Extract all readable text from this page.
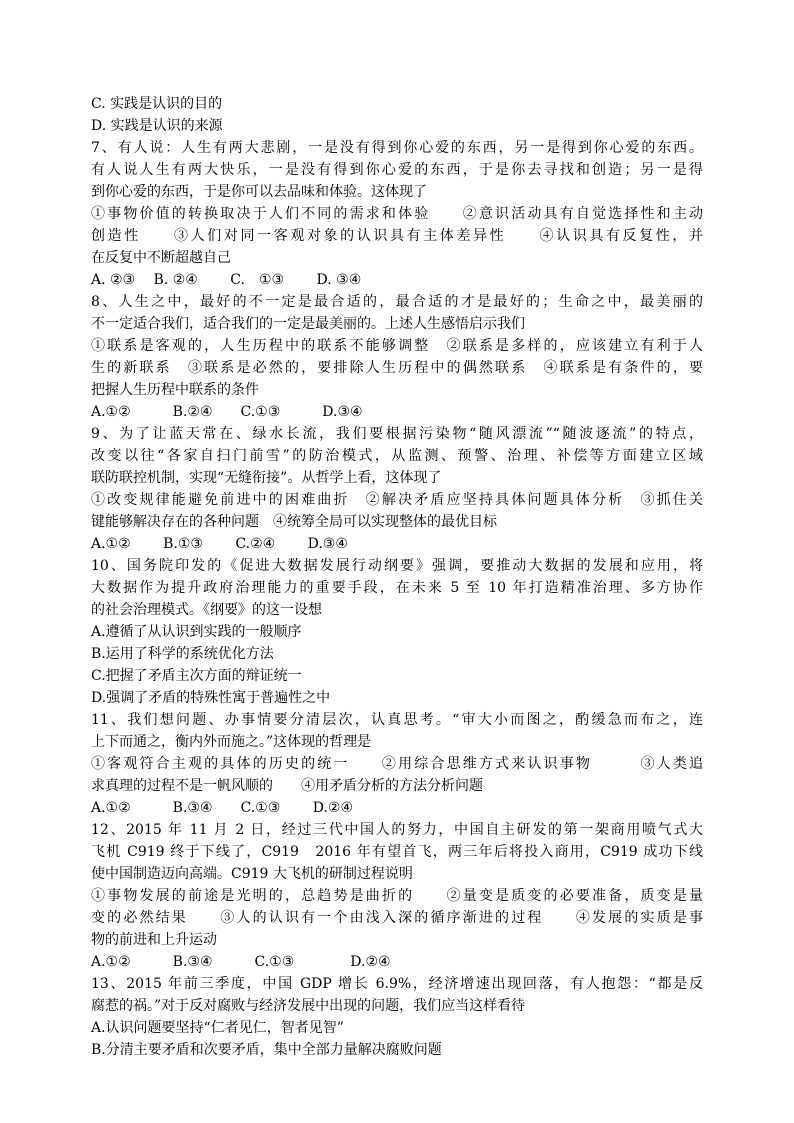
C. 实践是认识的目的
D. 实践是认识的来源
7、有人说：人生有两大悲剧，一是没有得到你心爱的东西，另一是得到你心爱的东西。
有人说人生有两大快乐，一是没有得到你心爱的东西，于是你去寻找和创造；另一是得
到你心爱的东西，于是你可以去品味和体验。这体现了
①事物价值的转换取决于人们不同的需求和体验　　②意识活动具有自觉选择性和主动
创造性　　③人们对同一客观对象的认识具有主体差异性　　④认识具有反复性，并
在反复中不断超越自己
A. ②③　 B. ②④　　 C.　①③　　 D. ③④
8、人生之中，最好的不一定是最合适的，最合适的才是最好的；生命之中，最美丽的
不一定适合我们，适合我们的一定是最美丽的。上述人生感悟启示我们
①联系是客观的，人生历程中的联系不能够调整　②联系是多样的，应该建立有利于人
生的新联系　③联系是必然的，要排除人生历程中的偶然联系　④联系是有条件的，要
把握人生历程中联系的条件
A.①②　　　B.②④　　C.①③　　　D.③④
9、为了让蓝天常在、绿水长流，我们要根据污染物“随风漂流”“随波逐流”的特点，
改变以往“各家自扫门前雪”的防治模式，从监测、预警、治理、补偿等方面建立区域
联防联控机制，实现“无缝衔接”。从哲学上看，这体现了
①改变规律能避免前进中的困难曲折　②解决矛盾应坚持具体问题具体分析　③抓住关
键能够解决存在的各种问题　④统筹全局可以实现整体的最优目标
A.①②　　 B.①③　　 C.②④　　 D.③④
10、国务院印发的《促进大数据发展行动纲要》强调，要推动大数据的发展和应用，将
大数据作为提升政府治理能力的重要手段，在未来 5 至 10 年打造精准治理、多方协作
的社会治理模式。《纲要》的这一设想
A.遵循了从认识到实践的一般顺序
B.运用了科学的系统优化方法
C.把握了矛盾主次方面的辩证统一
D.强调了矛盾的特殊性寓于普遍性之中
11、我们想问题、办事情要分清层次，认真思考。“审大小而图之，酌缓急而布之，连
上下而通之，衡内外而施之。”这体现的哲理是
①客观符合主观的具体的历史的统一　　②用综合思维方式来认识事物　　　③人类追
求真理的过程不是一帆风顺的　　④用矛盾分析的方法分析问题
A.①②　　　B.③④　　C.①③　　 D.②④
12、2015 年 11 月 2 日，经过三代中国人的努力，中国自主研发的第一架商用喷气式大
飞机 C919 终于下线了，C919　2016 年有望首飞，两三年后将投入商用，C919 成功下线
使中国制造迈向高端。C919 大飞机的研制过程说明
①事物发展的前途是光明的，总趋势是曲折的　　②量变是质变的必要准备，质变是量
变的必然结果　　③人的认识有一个由浅入深的循序渐进的过程　　④发展的实质是事
物的前进和上升运动
A.①②　　　B.③④　　　C.①③　　　　D.②④
13、2015 年前三季度，中国 GDP 增长 6.9%，经济增速出现回落，有人抱怨：“都是反
腐惹的祸。”对于反对腐败与经济发展中出现的问题，我们应当这样看待
A.认识问题要坚持“仁者见仁，智者见智”
B.分清主要矛盾和次要矛盾，集中全部力量解决腐败问题
